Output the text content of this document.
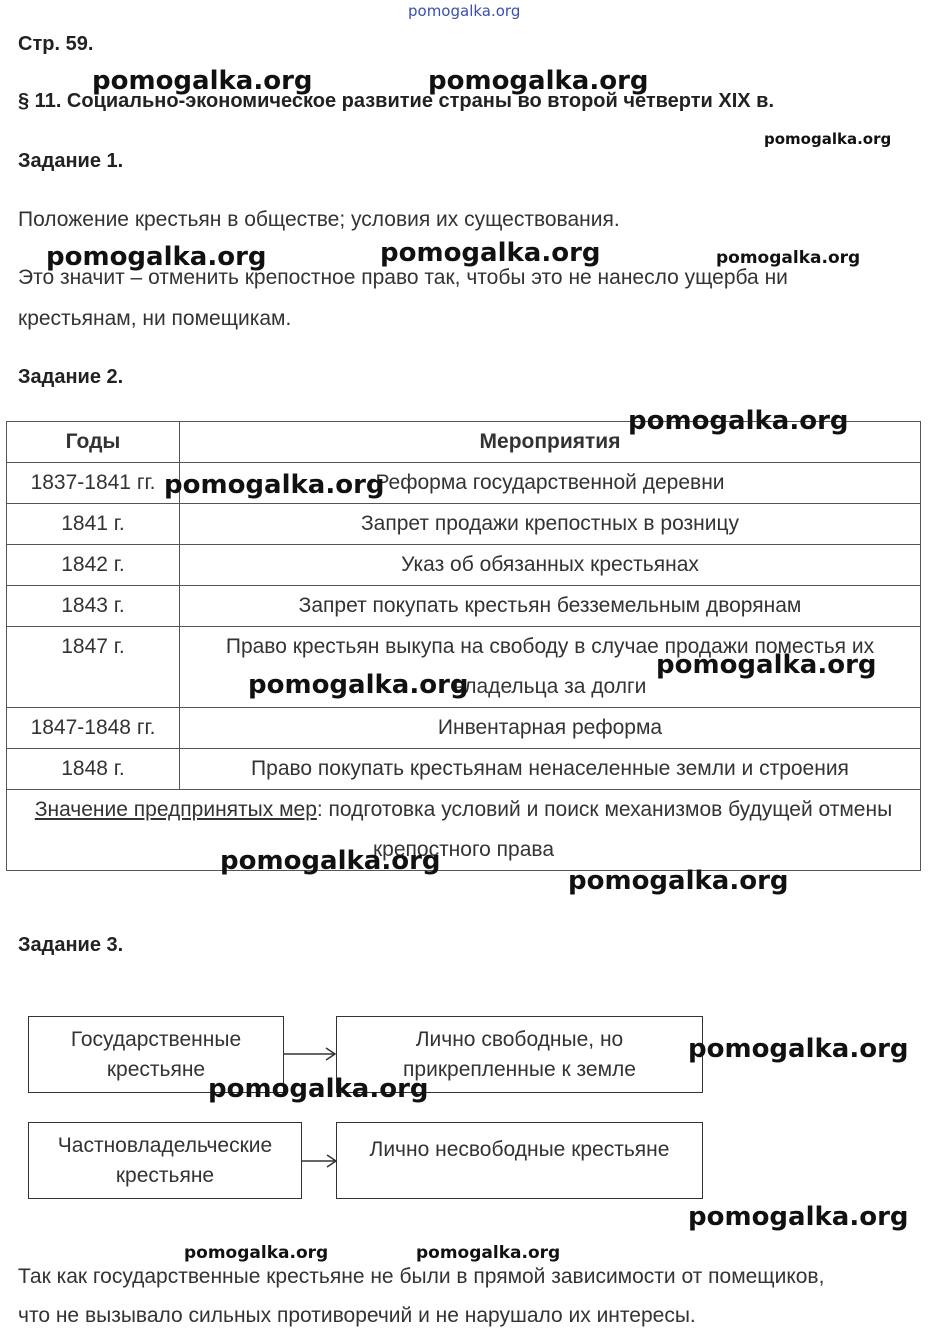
pomogalka.org
Стр. 59.
§ 11. Социально-экономическое развитие страны во второй четверти XIX в.
Задание 1.
Положение крестьян в обществе; условия их существования.
Это значит – отменить крепостное право так, чтобы это не нанесло ущерба ни
крестьянам, ни помещикам.
Задание 2.
Годы	Мероприятия
1837-1841 гг.	Реформа государственной деревни
1841 г.	Запрет продажи крепостных в розницу
1842 г.	Указ об обязанных крестьянах
1843 г.	Запрет покупать крестьян безземельным дворянам
1847 г.	Право крестьян выкупа на свободу в случае продажи поместья их владельца за долги
1847-1848 гг.	Инвентарная реформа
1848 г.	Право покупать крестьянам ненаселенные земли и строения
Значение предпринятых мер: подготовка условий и поиск механизмов будущей отмены крепостного права	
Задание 3.
Государственные крестьяне
Лично свободные, но прикрепленные к земле
Частновладельческие крестьяне
Лично несвободные крестьяне
Так как государственные крестьяне не были в прямой зависимости от помещиков,
что не вызывало сильных противоречий и не нарушало их интересы.
pomogalka.org	pomogalka.org
pomogalka.org
pomogalka.org	pomogalka.org	pomogalka.org
pomogalka.org
pomogalka.org
pomogalka.org
pomogalka.org
pomogalka.org
pomogalka.org
pomogalka.org
pomogalka.org
pomogalka.org
pomogalka.org	pomogalka.org
